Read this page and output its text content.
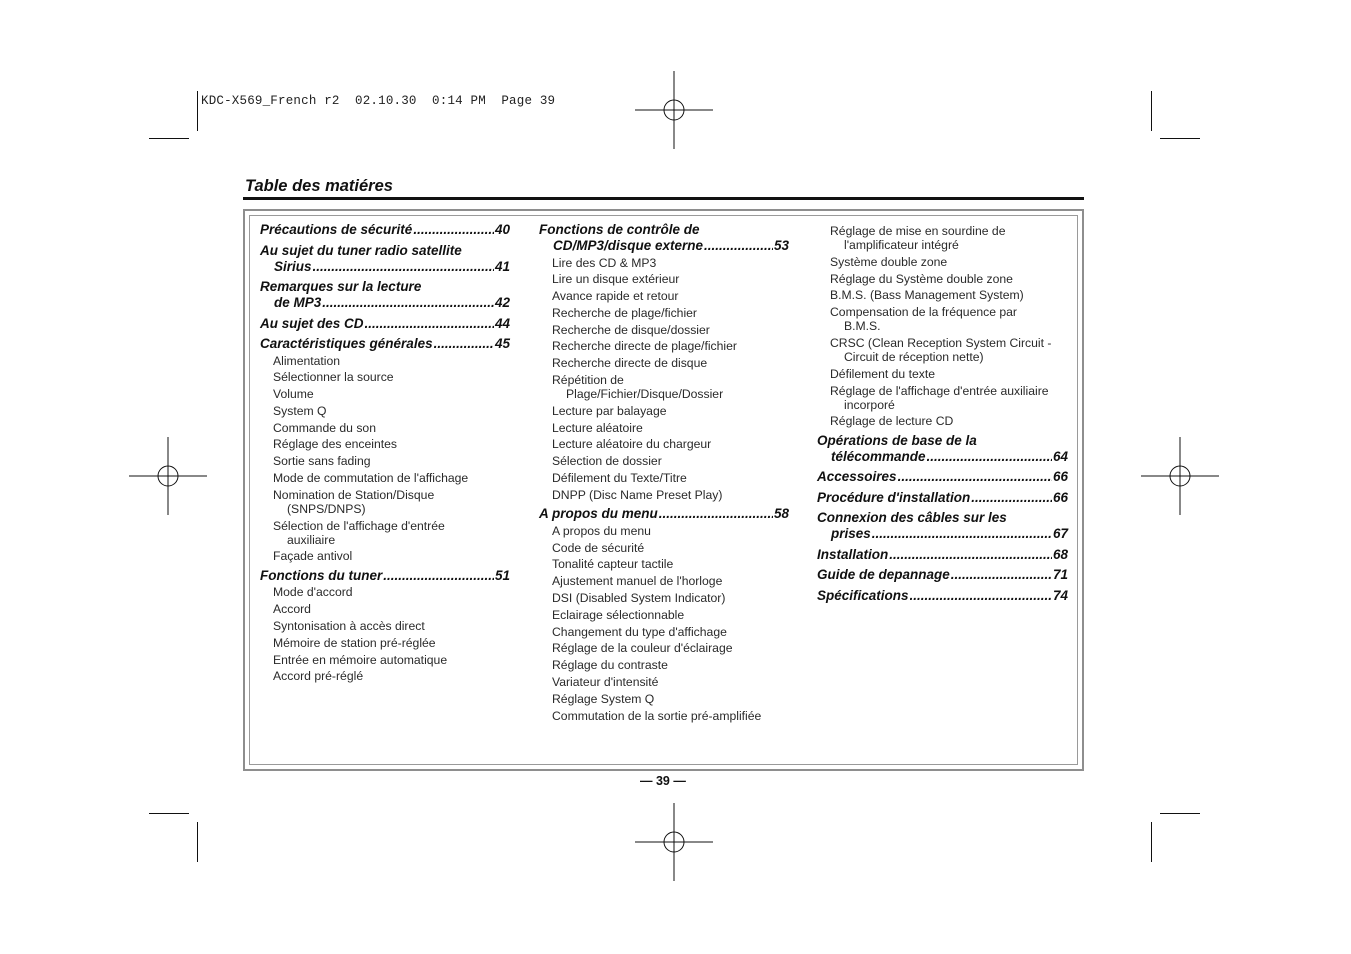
KDC-X569_French r2  02.10.30  0:14 PM  Page 39
Table des matiéres
Précautions de sécurité .....	40
Au sujet du tuner radio satellite
Sirius .....	41
Remarques sur la lecture
de MP3 .....	42
Au sujet des CD .....	44
Caractéristiques générales .....	45
Alimentation
Sélectionner la source
Volume
System Q
Commande du son
Réglage des enceintes
Sortie sans fading
Mode de commutation de l'affichage
Nomination de Station/Disque
(SNPS/DNPS)
Sélection de l'affichage d'entrée
auxiliaire
Façade antivol
Fonctions du tuner .....	51
Mode d'accord
Accord
Syntonisation à accès direct
Mémoire de station pré-réglée
Entrée en mémoire automatique
Accord pré-réglé
Fonctions de contrôle de
CD/MP3/disque externe .....	53
Lire des CD & MP3
Lire un disque extérieur
Avance rapide et retour
Recherche de plage/fichier
Recherche de disque/dossier
Recherche directe de plage/fichier
Recherche directe de disque
Répétition de
Plage/Fichier/Disque/Dossier
Lecture par balayage
Lecture aléatoire
Lecture aléatoire du chargeur
Sélection de dossier
Défilement du Texte/Titre
DNPP (Disc Name Preset Play)
A propos du menu .....	58
A propos du menu
Code de sécurité
Tonalité capteur tactile
Ajustement manuel de l'horloge
DSI (Disabled System Indicator)
Eclairage sélectionnable
Changement du type d'affichage
Réglage de la couleur d'éclairage
Réglage du contraste
Variateur d'intensité
Réglage System Q
Commutation de la sortie pré-amplifiée
Réglage de mise en sourdine de
l'amplificateur intégré
Système double zone
Réglage du Système double zone
B.M.S. (Bass Management System)
Compensation de la fréquence par
B.M.S.
CRSC (Clean Reception System Circuit -
Circuit de réception nette)
Défilement du texte
Réglage de l'affichage d'entrée auxiliaire
incorporé
Réglage de lecture CD
Opérations de base de la
télécommande .....	64
Accessoires .....	66
Procédure d'installation .....	66
Connexion des câbles sur les
prises .....	67
Installation .....	68
Guide de depannage .....	71
Spécifications .....	74
— 39 —
